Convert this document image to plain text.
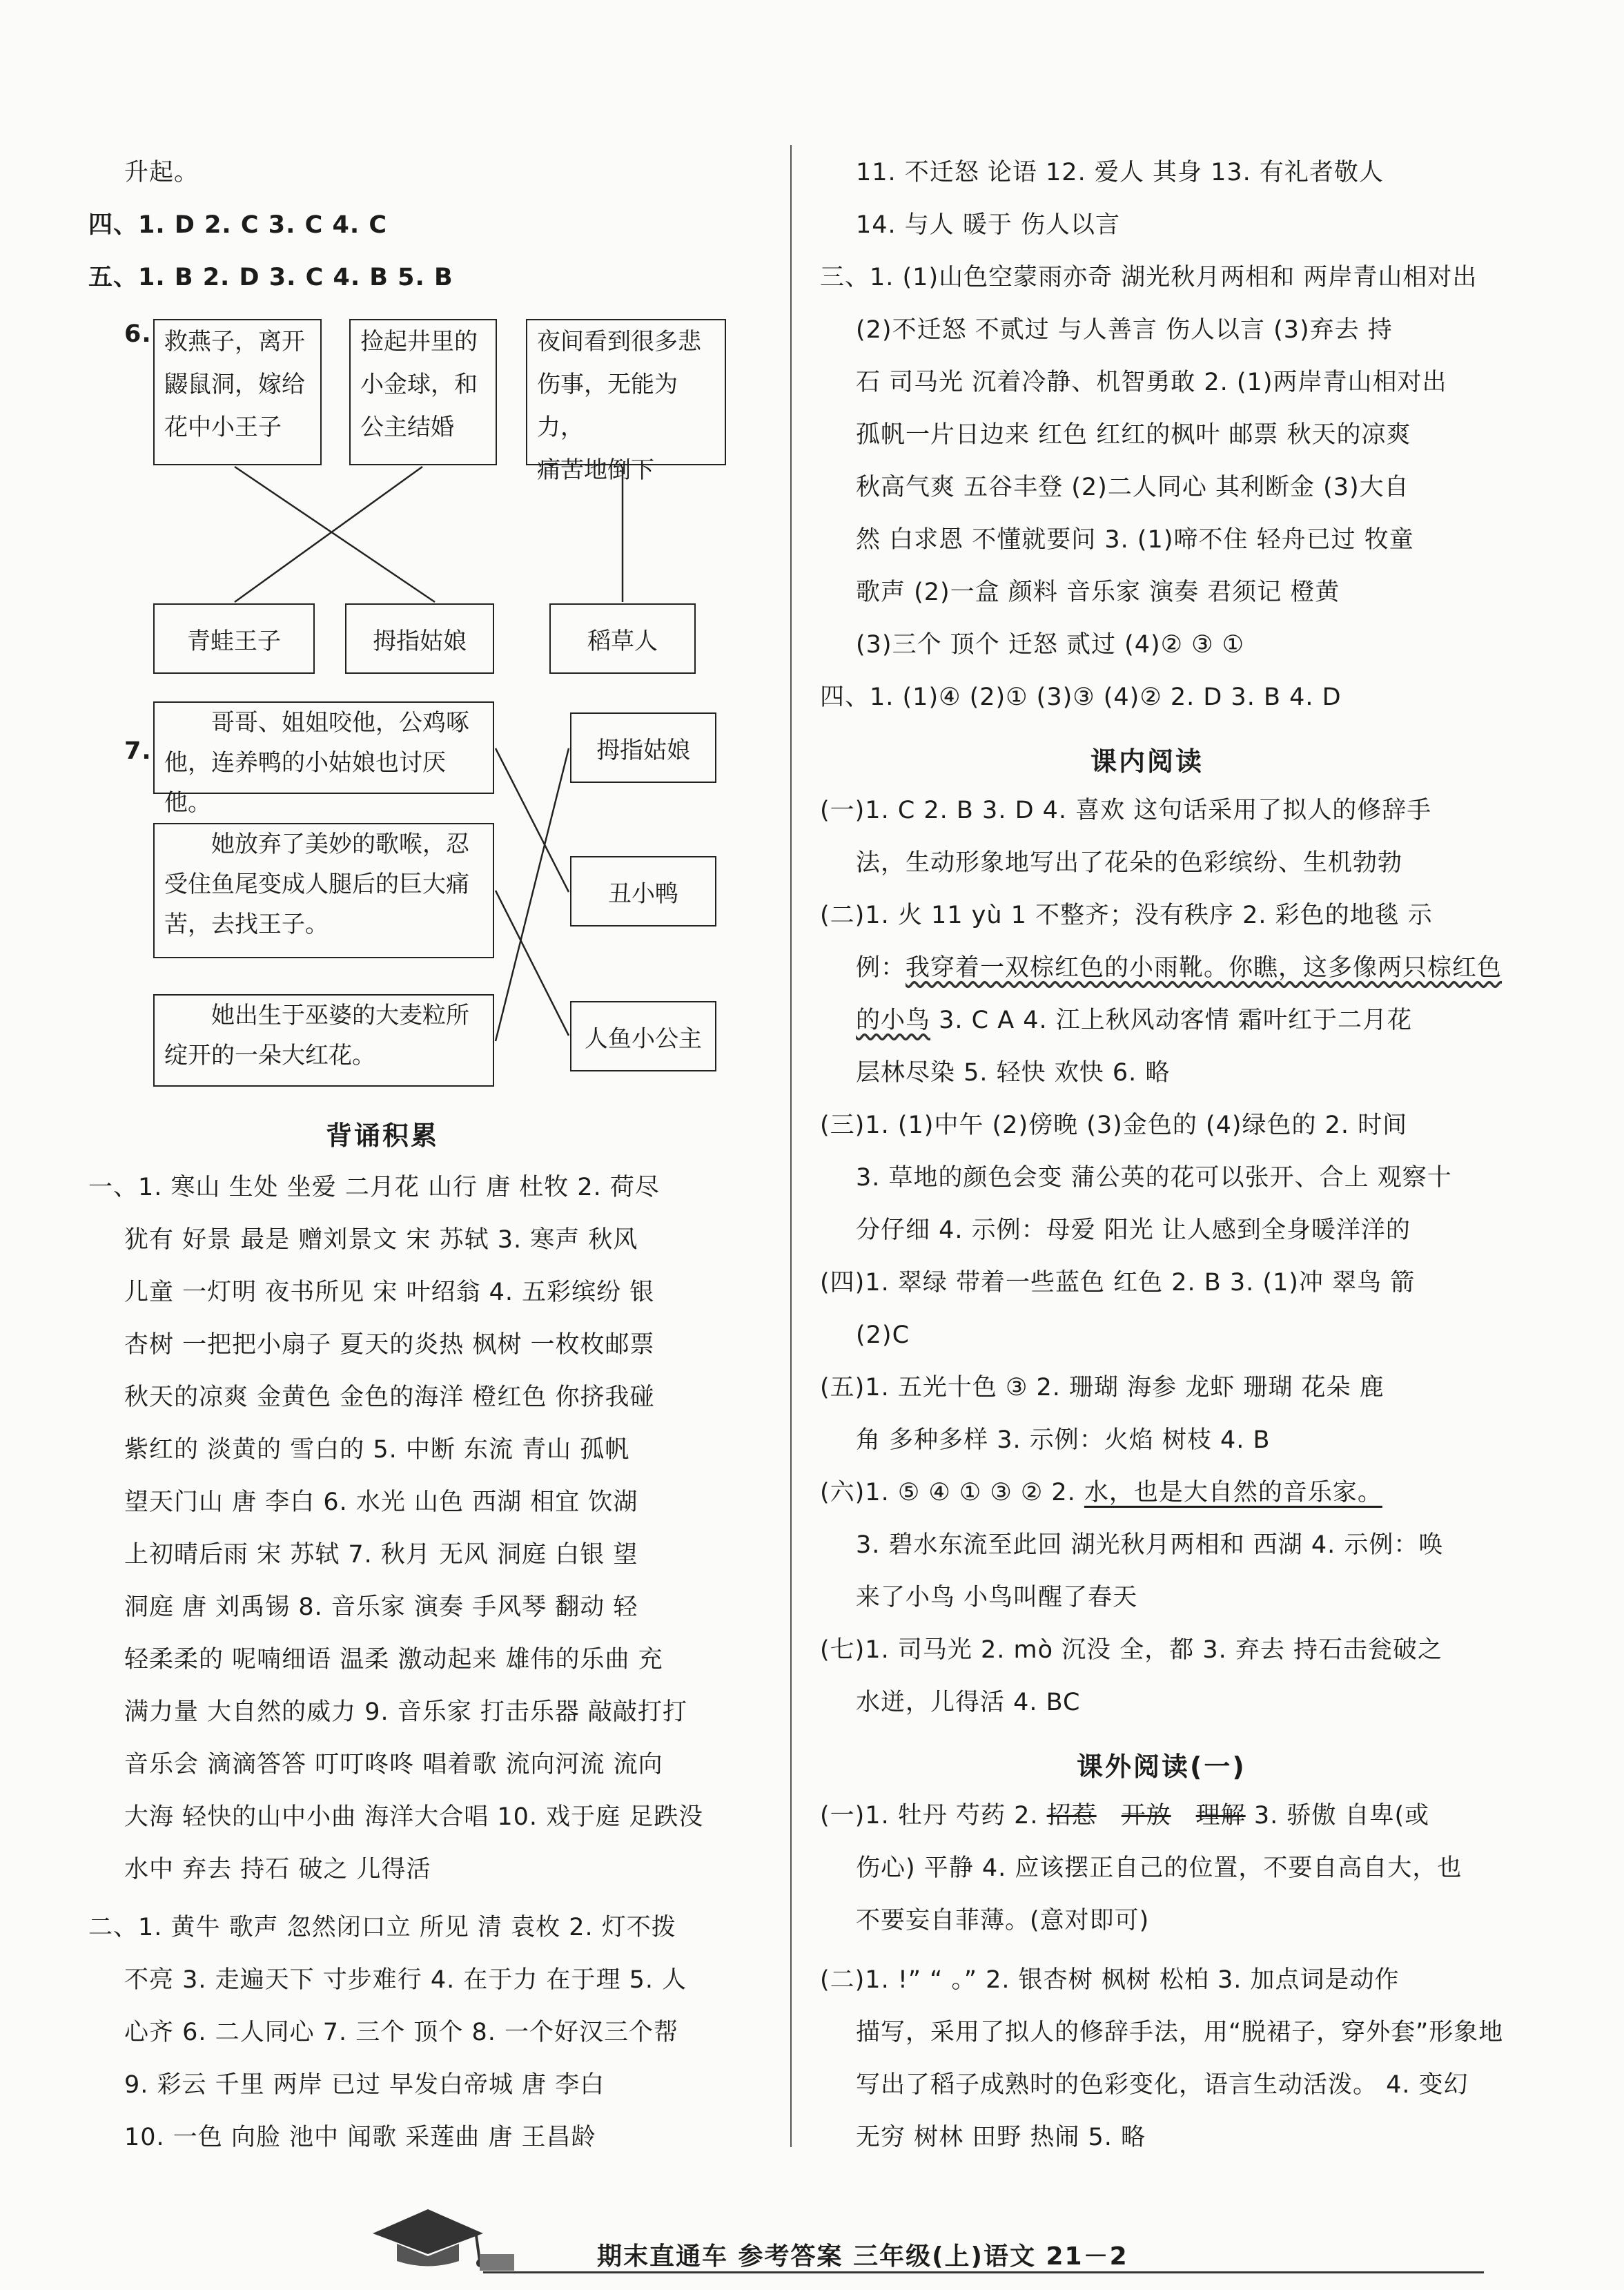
升起。
四、1. D 2. C 3. C 4. C
五、1. B 2. D 3. C 4. B 5. B
6. 救燕子，离开
鼹鼠洞，嫁给
花中小王子
捡起井里的
小金球，和
公主结婚
夜间看到很多悲
伤事，无能为力，
痛苦地倒下
青蛙王子	拇指姑娘	稻草人
7.
　　哥哥、姐姐咬他，公鸡啄
他，连养鸭的小姑娘也讨厌他。
　　她放弃了美妙的歌喉，忍
受住鱼尾变成人腿后的巨大痛
苦，去找王子。
　　她出生于巫婆的大麦粒所
绽开的一朵大红花。
拇指姑娘
丑小鸭
人鱼小公主
背诵积累
一、1. 寒山 生处 坐爱 二月花 山行 唐 杜牧 2. 荷尽
犹有 好景 最是 赠刘景文 宋 苏轼 3. 寒声 秋风
儿童 一灯明 夜书所见 宋 叶绍翁 4. 五彩缤纷 银
杏树 一把把小扇子 夏天的炎热 枫树 一枚枚邮票
秋天的凉爽 金黄色 金色的海洋 橙红色 你挤我碰
紫红的 淡黄的 雪白的 5. 中断 东流 青山 孤帆
望天门山 唐 李白 6. 水光 山色 西湖 相宜 饮湖
上初晴后雨 宋 苏轼 7. 秋月 无风 洞庭 白银 望
洞庭 唐 刘禹锡 8. 音乐家 演奏 手风琴 翻动 轻
轻柔柔的 呢喃细语 温柔 激动起来 雄伟的乐曲 充
满力量 大自然的威力 9. 音乐家 打击乐器 敲敲打打
音乐会 滴滴答答 叮叮咚咚 唱着歌 流向河流 流向
大海 轻快的山中小曲 海洋大合唱 10. 戏于庭 足跌没
水中 弃去 持石 破之 儿得活
二、1. 黄牛 歌声 忽然闭口立 所见 清 袁枚 2. 灯不拨
不亮 3. 走遍天下 寸步难行 4. 在于力 在于理 5. 人
心齐 6. 二人同心 7. 三个 顶个 8. 一个好汉三个帮
9. 彩云 千里 两岸 已过 早发白帝城 唐 李白
10. 一色 向脸 池中 闻歌 采莲曲 唐 王昌龄
11. 不迁怒 论语 12. 爱人 其身 13. 有礼者敬人
14. 与人 暖于 伤人以言
三、1. (1)山色空蒙雨亦奇 湖光秋月两相和 两岸青山相对出
(2)不迁怒 不贰过 与人善言 伤人以言 (3)弃去 持
石 司马光 沉着冷静、机智勇敢 2. (1)两岸青山相对出
孤帆一片日边来 红色 红红的枫叶 邮票 秋天的凉爽
秋高气爽 五谷丰登 (2)二人同心 其利断金 (3)大自
然 白求恩 不懂就要问 3. (1)啼不住 轻舟已过 牧童
歌声 (2)一盒 颜料 音乐家 演奏 君须记 橙黄
(3)三个 顶个 迁怒 贰过 (4)② ③ ①
四、1. (1)④ (2)① (3)③ (4)② 2. D 3. B 4. D
课内阅读
(一)1. C 2. B 3. D 4. 喜欢 这句话采用了拟人的修辞手
法，生动形象地写出了花朵的色彩缤纷、生机勃勃
(二)1. 火 11 yù 1 不整齐；没有秩序 2. 彩色的地毯 示
例：我穿着一双棕红色的小雨靴。你瞧，这多像两只棕红色
的小鸟 3. C A 4. 江上秋风动客情 霜叶红于二月花
层林尽染 5. 轻快 欢快 6. 略
(三)1. (1)中午 (2)傍晚 (3)金色的 (4)绿色的 2. 时间
3. 草地的颜色会变 蒲公英的花可以张开、合上 观察十
分仔细 4. 示例：母爱 阳光 让人感到全身暖洋洋的
(四)1. 翠绿 带着一些蓝色 红色 2. B 3. (1)冲 翠鸟 箭
(2)C
(五)1. 五光十色 ③ 2. 珊瑚 海参 龙虾 珊瑚 花朵 鹿
角 多种多样 3. 示例：火焰 树枝 4. B
(六)1. ⑤ ④ ① ③ ② 2. 水，也是大自然的音乐家。
3. 碧水东流至此回 湖光秋月两相和 西湖 4. 示例：唤
来了小鸟 小鸟叫醒了春天
(七)1. 司马光 2. mò 沉没 全，都 3. 弃去 持石击瓮破之
水迸，儿得活 4. BC
课外阅读(一)
(一)1. 牡丹 芍药 2. 招惹　 开放　 理解 3. 骄傲 自卑(或
伤心) 平静 4. 应该摆正自己的位置，不要自高自大，也
不要妄自菲薄。(意对即可)
(二)1. !” “ 。” 2. 银杏树 枫树 松柏 3. 加点词是动作
描写，采用了拟人的修辞手法，用“脱裙子，穿外套”形象地
写出了稻子成熟时的色彩变化，语言生动活泼。 4. 变幻
无穷 树林 田野 热闹 5. 略
期末直通车 参考答案 三年级(上)语文 21－2
